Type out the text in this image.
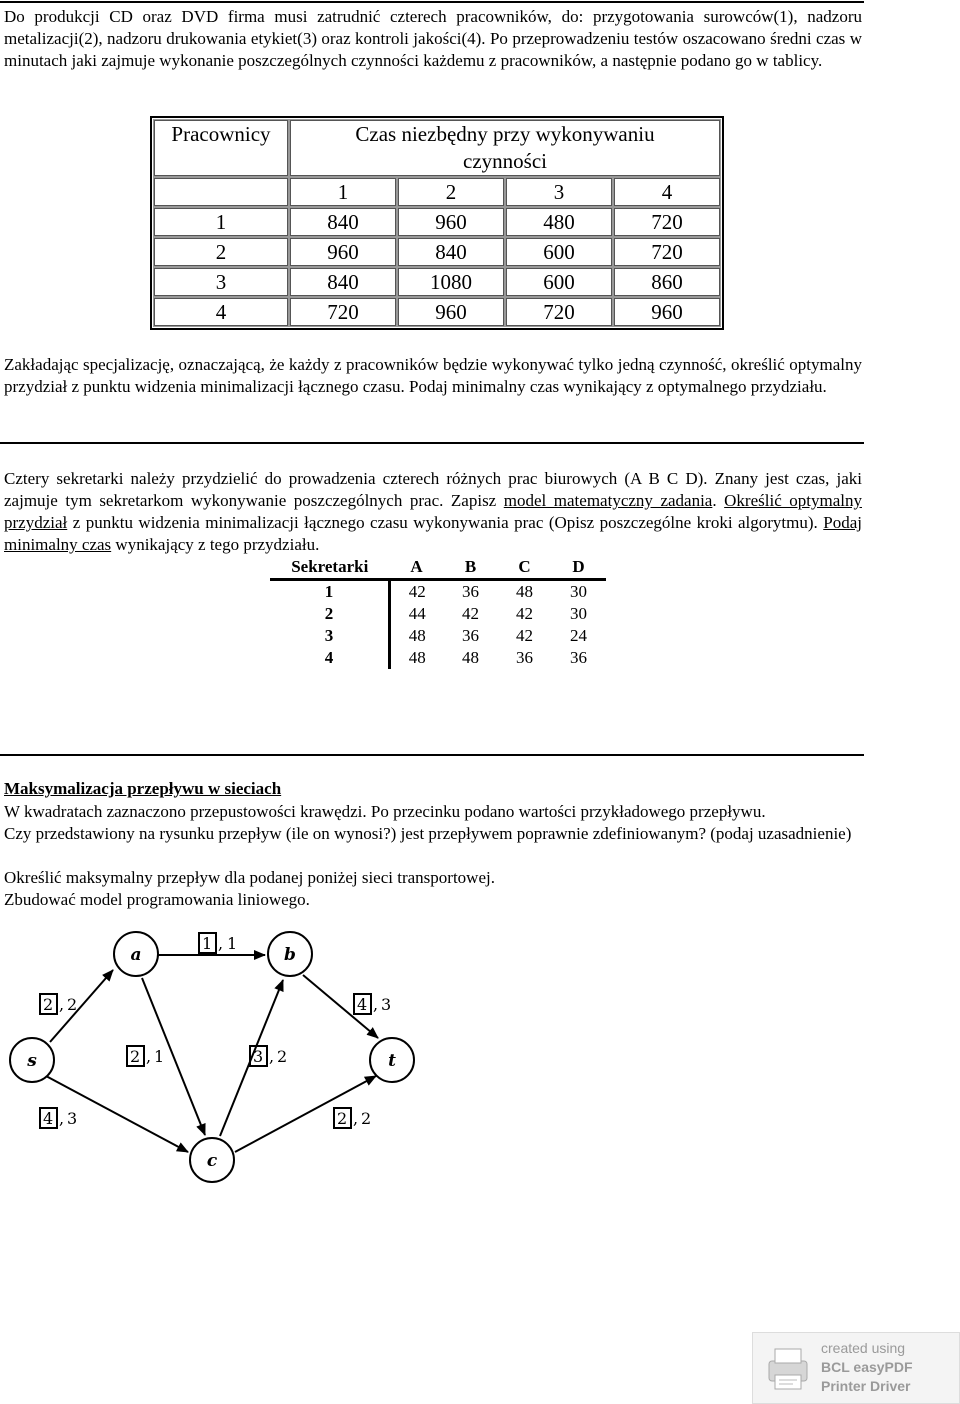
Do produkcji CD oraz DVD firma musi zatrudnić czterech pracowników, do: przygotowania surowców(1), nadzoru metalizacji(2), nadzoru drukowania etykiet(3) oraz kontroli jakości(4). Po przeprowadzeniu testów oszacowano średni czas w minutach jaki zajmuje wykonanie poszczególnych czynności każdemu z pracowników, a następnie podano go w tablicy.

Pracownicy	Czas niezbędny przy wykonywaniu czynności			
	1	2	3	4
1	840	960	480	720
2	960	840	600	720
3	840	1080	600	860
4	720	960	720	960

Zakładając specjalizację, oznaczającą, że każdy z pracowników będzie wykonywać tylko jedną czynność, określić optymalny przydział z punktu widzenia minimalizacji łącznego czasu. Podaj minimalny czas wynikający z optymalnego przydziału.

Cztery sekretarki należy przydzielić do prowadzenia czterech różnych prac biurowych (A B C D). Znany jest czas, jaki zajmuje tym sekretarkom wykonywanie poszczególnych prac. Zapisz model matematyczny zadania. Określić optymalny przydział z punktu widzenia minimalizacji łącznego czasu wykonywania prac (Opisz poszczególne kroki algorytmu). Podaj minimalny czas wynikający z tego przydziału.

Sekretarki	A	B	C	D
1	42	36	48	30
2	44	42	42	30
3	48	36	42	24
4	48	48	36	36

Maksymalizacja przepływu w sieciach

W kwadratach zaznaczono przepustowości krawędzi. Po przecinku podano wartości przykładowego przepływu.

Czy przedstawiony na rysunku przepływ (ile on wynosi?) jest przepływem poprawnie zdefiniowanym? (podaj uzasadnienie)

Określić maksymalny przepływ dla podanej poniżej sieci transportowej.

Zbudować model programowania liniowego.

a	b
s	t
c
1 , 1
2 , 2	4 , 3
2 , 1	3 , 2
4 , 3	2 , 2
created using
BCL easyPDF
Printer Driver
